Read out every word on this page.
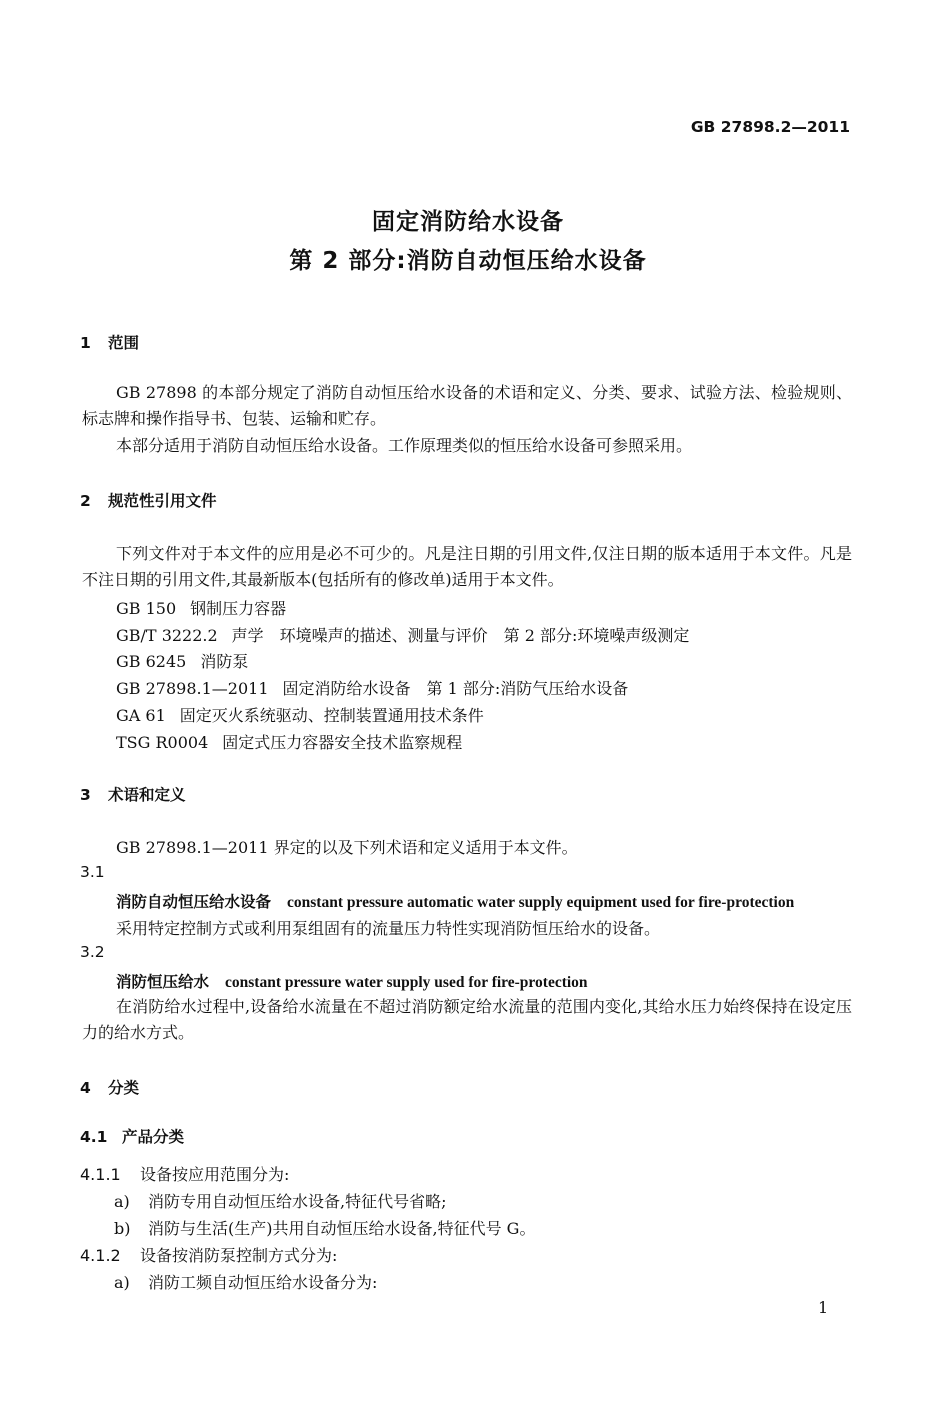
GB 27898.2—2011
固定消防给水设备
第 2 部分:消防自动恒压给水设备
1 范围
GB 27898 的本部分规定了消防自动恒压给水设备的术语和定义、分类、要求、试验方法、检验规则、标志牌和操作指导书、包装、运输和贮存。
本部分适用于消防自动恒压给水设备。工作原理类似的恒压给水设备可参照采用。
2 规范性引用文件
下列文件对于本文件的应用是必不可少的。凡是注日期的引用文件,仅注日期的版本适用于本文件。凡是不注日期的引用文件,其最新版本(包括所有的修改单)适用于本文件。
GB 150 钢制压力容器
GB/T 3222.2 声学　环境噪声的描述、测量与评价　第 2 部分:环境噪声级测定
GB 6245 消防泵
GB 27898.1—2011 固定消防给水设备　第 1 部分:消防气压给水设备
GA 61 固定灭火系统驱动、控制装置通用技术条件
TSG R0004 固定式压力容器安全技术监察规程
3 术语和定义
GB 27898.1—2011 界定的以及下列术语和定义适用于本文件。
3.1
消防自动恒压给水设备 constant pressure automatic water supply equipment used for fire-protection
采用特定控制方式或利用泵组固有的流量压力特性实现消防恒压给水的设备。
3.2
消防恒压给水 constant pressure water supply used for fire-protection
在消防给水过程中,设备给水流量在不超过消防额定给水流量的范围内变化,其给水压力始终保持在设定压力的给水方式。
4 分类
4.1 产品分类
4.1.1 设备按应用范围分为:
a) 消防专用自动恒压给水设备,特征代号省略;
b) 消防与生活(生产)共用自动恒压给水设备,特征代号 G。
4.1.2 设备按消防泵控制方式分为:
a) 消防工频自动恒压给水设备分为:
1
